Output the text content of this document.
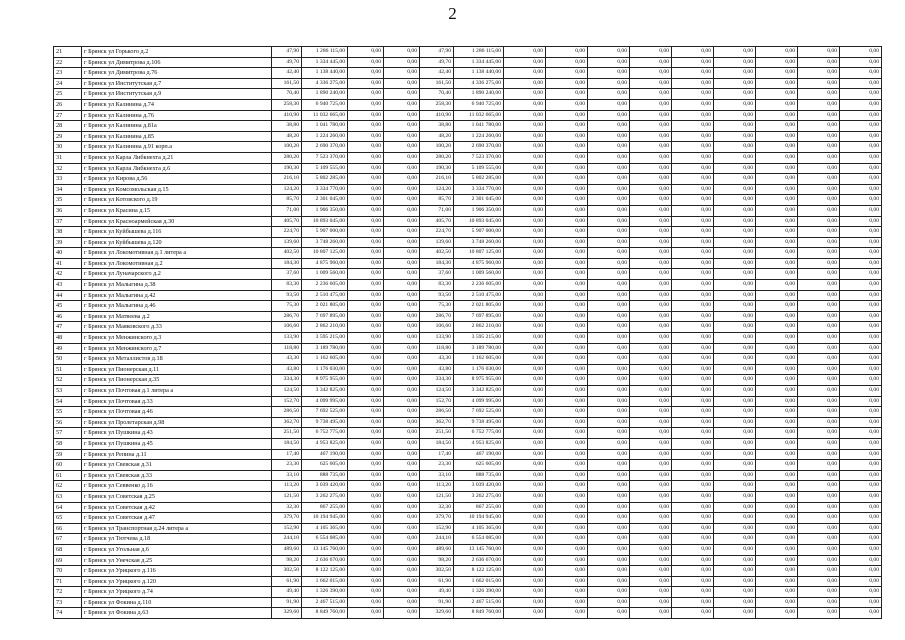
2
21	г Брянск ул Горького д.2	47,90	1 286 115,00	0,00	0,00	47,90	1 286 115,00	0,00	0,00	0,00	0,00	0,00	0,00	0,00	0,00	0,00
22	г Брянск ул Димитрова д.106	49,70	1 334 445,00	0,00	0,00	49,70	1 334 445,00	0,00	0,00	0,00	0,00	0,00	0,00	0,00	0,00	0,00
23	г Брянск ул Димитрова д.76	42,40	1 138 440,00	0,00	0,00	42,40	1 138 440,00	0,00	0,00	0,00	0,00	0,00	0,00	0,00	0,00	0,00
24	г Брянск ул Институтская д.7	161,50	4 336 275,00	0,00	0,00	161,50	4 336 275,00	0,00	0,00	0,00	0,00	0,00	0,00	0,00	0,00	0,00
25	г Брянск ул Институтская д.9	70,40	1 890 240,00	0,00	0,00	70,40	1 890 240,00	0,00	0,00	0,00	0,00	0,00	0,00	0,00	0,00	0,00
26	г Брянск ул Калинина д.74	258,30	6 940 725,00	0,00	0,00	258,30	6 940 725,00	0,00	0,00	0,00	0,00	0,00	0,00	0,00	0,00	0,00
27	г Брянск ул Калинина д.76	410,90	11 032 665,00	0,00	0,00	410,90	11 032 665,00	0,00	0,00	0,00	0,00	0,00	0,00	0,00	0,00	0,00
28	г Брянск ул Калинина д.81а	38,80	1 041 780,00	0,00	0,00	38,80	1 041 780,00	0,00	0,00	0,00	0,00	0,00	0,00	0,00	0,00	0,00
29	г Брянск ул Калинина д.85	48,20	1 224 260,00	0,00	0,00	48,20	1 224 260,00	0,00	0,00	0,00	0,00	0,00	0,00	0,00	0,00	0,00
30	г Брянск ул Калинина д.91 корп.а	100,20	2 690 370,00	0,00	0,00	100,20	2 690 370,00	0,00	0,00	0,00	0,00	0,00	0,00	0,00	0,00	0,00
31	г Брянск ул Карла Либкнехта д.21	280,20	7 523 370,00	0,00	0,00	280,20	7 523 370,00	0,00	0,00	0,00	0,00	0,00	0,00	0,00	0,00	0,00
32	г Брянск ул Карла Либкнехта д.6	190,30	5 109 555,00	0,00	0,00	190,30	5 109 555,00	0,00	0,00	0,00	0,00	0,00	0,00	0,00	0,00	0,00
33	г Брянск ул Кирова д.56	216,10	5 802 285,00	0,00	0,00	216,10	5 802 285,00	0,00	0,00	0,00	0,00	0,00	0,00	0,00	0,00	0,00
34	г Брянск ул Комсомольская д.15	124,20	3 334 770,00	0,00	0,00	124,20	3 334 770,00	0,00	0,00	0,00	0,00	0,00	0,00	0,00	0,00	0,00
35	г Брянск ул Котовского д.19	85,70	2 301 045,00	0,00	0,00	85,70	2 301 045,00	0,00	0,00	0,00	0,00	0,00	0,00	0,00	0,00	0,00
36	г Брянск ул Красина д.15	71,00	1 906 350,00	0,00	0,00	71,00	1 906 350,00	0,00	0,00	0,00	0,00	0,00	0,00	0,00	0,00	0,00
37	г Брянск ул Красноармейская д.30	405,70	10 893 045,00	0,00	0,00	405,70	10 893 045,00	0,00	0,00	0,00	0,00	0,00	0,00	0,00	0,00	0,00
38	г Брянск ул Куйбышева д.116	224,70	5 907 000,00	0,00	0,00	224,70	5 907 000,00	0,00	0,00	0,00	0,00	0,00	0,00	0,00	0,00	0,00
39	г Брянск ул Куйбышева д.120	139,60	3 748 260,00	0,00	0,00	139,60	3 748 260,00	0,00	0,00	0,00	0,00	0,00	0,00	0,00	0,00	0,00
40	г Брянск ул Локомотивная д.1 литера а	402,50	10 807 125,00	0,00	0,00	402,50	10 807 125,00	0,00	0,00	0,00	0,00	0,00	0,00	0,00	0,00	0,00
41	г Брянск ул Локомотивная д.2	184,30	4 875 960,00	0,00	0,00	184,30	4 875 960,00	0,00	0,00	0,00	0,00	0,00	0,00	0,00	0,00	0,00
42	г Брянск ул Луначарского д.2	37,60	1 009 560,00	0,00	0,00	37,60	1 009 560,00	0,00	0,00	0,00	0,00	0,00	0,00	0,00	0,00	0,00
43	г Брянск ул Малыгина д.38	83,30	2 236 605,00	0,00	0,00	83,30	2 236 605,00	0,00	0,00	0,00	0,00	0,00	0,00	0,00	0,00	0,00
44	г Брянск ул Малыгина д.42	93,50	2 510 475,00	0,00	0,00	93,50	2 510 475,00	0,00	0,00	0,00	0,00	0,00	0,00	0,00	0,00	0,00
45	г Брянск ул Малыгина д.46	75,30	2 021 805,00	0,00	0,00	75,30	2 021 805,00	0,00	0,00	0,00	0,00	0,00	0,00	0,00	0,00	0,00
46	г Брянск ул Матвеева д.2	286,70	7 697 895,00	0,00	0,00	286,70	7 697 895,00	0,00	0,00	0,00	0,00	0,00	0,00	0,00	0,00	0,00
47	г Брянск ул Маяковского д.33	106,60	2 862 210,00	0,00	0,00	106,60	2 862 210,00	0,00	0,00	0,00	0,00	0,00	0,00	0,00	0,00	0,00
48	г Брянск ул Менжинского д.3	133,90	3 595 215,00	0,00	0,00	133,90	3 595 215,00	0,00	0,00	0,00	0,00	0,00	0,00	0,00	0,00	0,00
49	г Брянск ул Менжинского д.7	118,80	3 189 780,00	0,00	0,00	118,80	3 189 780,00	0,00	0,00	0,00	0,00	0,00	0,00	0,00	0,00	0,00
50	г Брянск ул Металлистов д.18	43,30	1 162 605,00	0,00	0,00	43,30	1 162 605,00	0,00	0,00	0,00	0,00	0,00	0,00	0,00	0,00	0,00
51	г Брянск ул Пионерская д.11	43,80	1 176 030,00	0,00	0,00	43,80	1 176 030,00	0,00	0,00	0,00	0,00	0,00	0,00	0,00	0,00	0,00
52	г Брянск ул Пионерская д.35	334,30	8 975 955,00	0,00	0,00	334,30	8 975 955,00	0,00	0,00	0,00	0,00	0,00	0,00	0,00	0,00	0,00
53	г Брянск ул Почтовая д.1 литера а	124,50	3 342 825,00	0,00	0,00	124,50	3 342 825,00	0,00	0,00	0,00	0,00	0,00	0,00	0,00	0,00	0,00
54	г Брянск ул Почтовая д.33	152,70	4 099 995,00	0,00	0,00	152,70	4 099 995,00	0,00	0,00	0,00	0,00	0,00	0,00	0,00	0,00	0,00
55	г Брянск ул Почтовая д.46	286,50	7 692 525,00	0,00	0,00	286,50	7 692 525,00	0,00	0,00	0,00	0,00	0,00	0,00	0,00	0,00	0,00
56	г Брянск ул Пролетарская д.98	362,70	9 738 495,00	0,00	0,00	362,70	9 738 495,00	0,00	0,00	0,00	0,00	0,00	0,00	0,00	0,00	0,00
57	г Брянск ул Пушкина д.43	251,50	6 752 775,00	0,00	0,00	251,50	6 752 775,00	0,00	0,00	0,00	0,00	0,00	0,00	0,00	0,00	0,00
58	г Брянск ул Пушкина д.45	184,50	4 953 825,00	0,00	0,00	184,50	4 953 825,00	0,00	0,00	0,00	0,00	0,00	0,00	0,00	0,00	0,00
59	г Брянск ул Репина д.11	17,40	467 190,00	0,00	0,00	17,40	467 190,00	0,00	0,00	0,00	0,00	0,00	0,00	0,00	0,00	0,00
60	г Брянск ул Свевская д.31	23,30	625 605,00	0,00	0,00	23,30	625 605,00	0,00	0,00	0,00	0,00	0,00	0,00	0,00	0,00	0,00
61	г Брянск ул Свевская д.33	33,10	888 735,00	0,00	0,00	33,10	888 735,00	0,00	0,00	0,00	0,00	0,00	0,00	0,00	0,00	0,00
62	г Брянск ул Севвенко д.16	113,20	3 039 420,00	0,00	0,00	113,20	3 039 420,00	0,00	0,00	0,00	0,00	0,00	0,00	0,00	0,00	0,00
63	г Брянск ул Советская д.25	121,50	3 262 275,00	0,00	0,00	121,50	3 262 275,00	0,00	0,00	0,00	0,00	0,00	0,00	0,00	0,00	0,00
64	г Брянск ул Советская д.42	32,30	867 255,00	0,00	0,00	32,30	867 255,00	0,00	0,00	0,00	0,00	0,00	0,00	0,00	0,00	0,00
65	г Брянск ул Советская д.47	379,70	10 194 945,00	0,00	0,00	379,70	10 194 945,00	0,00	0,00	0,00	0,00	0,00	0,00	0,00	0,00	0,00
66	г Брянск ул Транспортная д.24 литера а	152,90	4 105 365,00	0,00	0,00	152,90	4 105 365,00	0,00	0,00	0,00	0,00	0,00	0,00	0,00	0,00	0,00
67	г Брянск ул Тютчева д.18	244,10	6 554 085,00	0,00	0,00	244,10	6 554 085,00	0,00	0,00	0,00	0,00	0,00	0,00	0,00	0,00	0,00
68	г Брянск ул Угольная д.6	489,60	13 145 760,00	0,00	0,00	489,60	13 145 760,00	0,00	0,00	0,00	0,00	0,00	0,00	0,00	0,00	0,00
69	г Брянск ул Унечская д.25	98,20	2 636 670,00	0,00	0,00	98,20	2 636 670,00	0,00	0,00	0,00	0,00	0,00	0,00	0,00	0,00	0,00
70	г Брянск ул Урицкого д.116	302,50	8 122 125,00	0,00	0,00	302,50	8 122 125,00	0,00	0,00	0,00	0,00	0,00	0,00	0,00	0,00	0,00
71	г Брянск ул Урицкого д.120	61,90	1 662 015,00	0,00	0,00	61,90	1 662 015,00	0,00	0,00	0,00	0,00	0,00	0,00	0,00	0,00	0,00
72	г Брянск ул Урицкого д.74	49,40	1 326 390,00	0,00	0,00	49,40	1 326 390,00	0,00	0,00	0,00	0,00	0,00	0,00	0,00	0,00	0,00
73	г Брянск ул Фокина д.110	91,90	2 467 515,00	0,00	0,00	91,90	2 467 515,00	0,00	0,00	0,00	0,00	0,00	0,00	0,00	0,00	0,00
74	г Брянск ул Фокина д.63	329,60	8 849 760,00	0,00	0,00	329,60	8 849 760,00	0,00	0,00	0,00	0,00	0,00	0,00	0,00	0,00	0,00
